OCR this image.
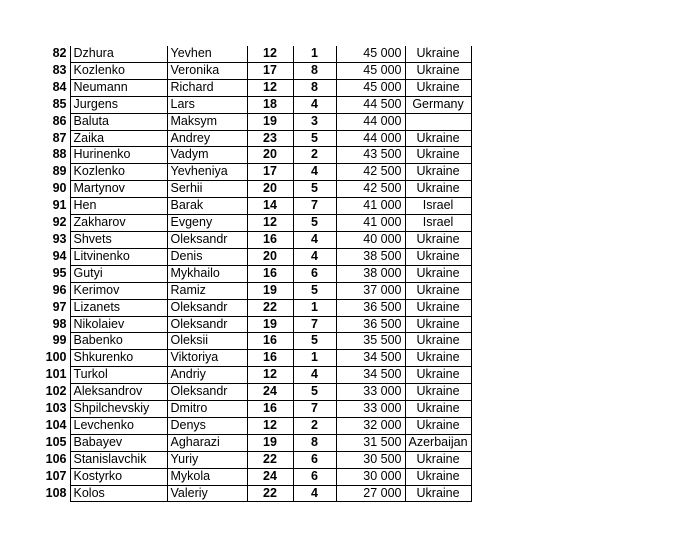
82	Dzhura	Yevhen	12	1	45 000	Ukraine
83	Kozlenko	Veronika	17	8	45 000	Ukraine
84	Neumann	Richard	12	8	45 000	Ukraine
85	Jurgens	Lars	18	4	44 500	Germany
86	Baluta	Maksym	19	3	44 000	
87	Zaika	Andrey	23	5	44 000	Ukraine
88	Hurinenko	Vadym	20	2	43 500	Ukraine
89	Kozlenko	Yevheniya	17	4	42 500	Ukraine
90	Martynov	Serhii	20	5	42 500	Ukraine
91	Hen	Barak	14	7	41 000	Israel
92	Zakharov	Evgeny	12	5	41 000	Israel
93	Shvets	Oleksandr	16	4	40 000	Ukraine
94	Litvinenko	Denis	20	4	38 500	Ukraine
95	Gutyi	Mykhailo	16	6	38 000	Ukraine
96	Kerimov	Ramiz	19	5	37 000	Ukraine
97	Lizanets	Oleksandr	22	1	36 500	Ukraine
98	Nikolaiev	Oleksandr	19	7	36 500	Ukraine
99	Babenko	Oleksii	16	5	35 500	Ukraine
100	Shkurenko	Viktoriya	16	1	34 500	Ukraine
101	Turkol	Andriy	12	4	34 500	Ukraine
102	Aleksandrov	Oleksandr	24	5	33 000	Ukraine
103	Shpilchevskiy	Dmitro	16	7	33 000	Ukraine
104	Levchenko	Denys	12	2	32 000	Ukraine
105	Babayev	Agharazi	19	8	31 500	Azerbaijan
106	Stanislavchik	Yuriy	22	6	30 500	Ukraine
107	Kostyrko	Mykola	24	6	30 000	Ukraine
108	Kolos	Valeriy	22	4	27 000	Ukraine
